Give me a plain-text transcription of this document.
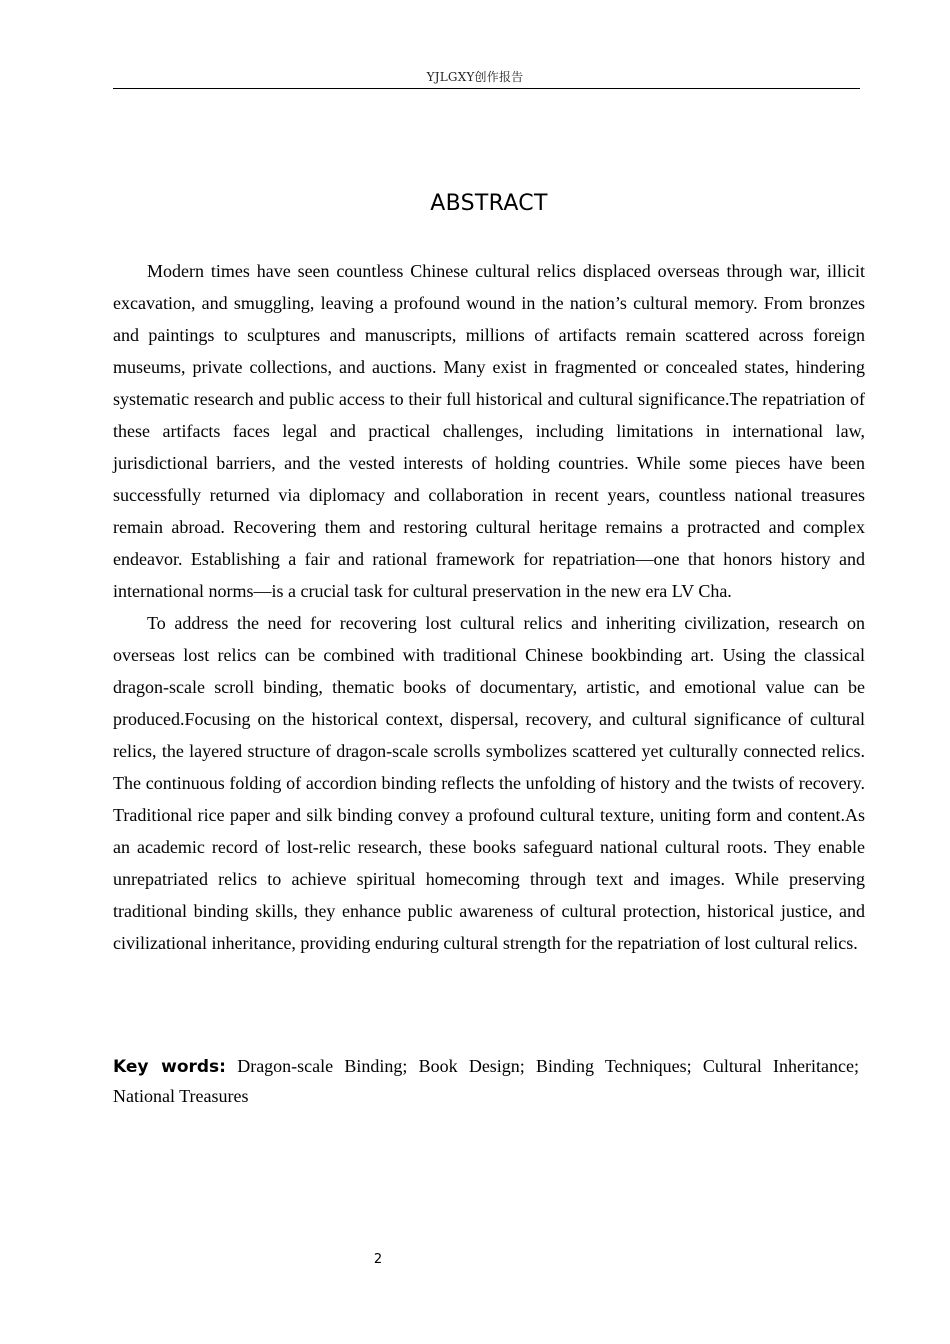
YJLGXY创作报告
ABSTRACT

Modern times have seen countless Chinese cultural relics displaced overseas through war, illicit excavation, and smuggling, leaving a profound wound in the nation’s cultural memory. From bronzes and paintings to sculptures and manuscripts, millions of artifacts remain scattered across foreign museums, private collections, and auctions. Many exist in fragmented or concealed states, hindering systematic research and public access to their full historical and cultural significance.The repatriation of these artifacts faces legal and practical challenges, including limitations in international law, jurisdictional barriers, and the vested interests of holding countries. While some pieces have been successfully returned via diplomacy and collaboration in recent years, countless national treasures remain abroad. Recovering them and restoring cultural heritage remains a protracted and complex endeavor. Establishing a fair and rational framework for repatriation—one that honors history and international norms—is a crucial task for cultural preservation in the new era LV Cha.

To address the need for recovering lost cultural relics and inheriting civilization, research on overseas lost relics can be combined with traditional Chinese bookbinding art. Using the classical dragon-scale scroll binding, thematic books of documentary, artistic, and emotional value can be produced.Focusing on the historical context, dispersal, recovery, and cultural significance of cultural relics, the layered structure of dragon-scale scrolls symbolizes scattered yet culturally connected relics. The continuous folding of accordion binding reflects the unfolding of history and the twists of recovery. Traditional rice paper and silk binding convey a profound cultural texture, uniting form and content.As an academic record of lost-relic research, these books safeguard national cultural roots. They enable unrepatriated relics to achieve spiritual homecoming through text and images. While preserving traditional binding skills, they enhance public awareness of cultural protection, historical justice, and civilizational inheritance, providing enduring cultural strength for the repatriation of lost cultural relics.

Key words: Dragon-scale Binding; Book Design; Binding Techniques; Cultural Inheritance; National Treasures
2
